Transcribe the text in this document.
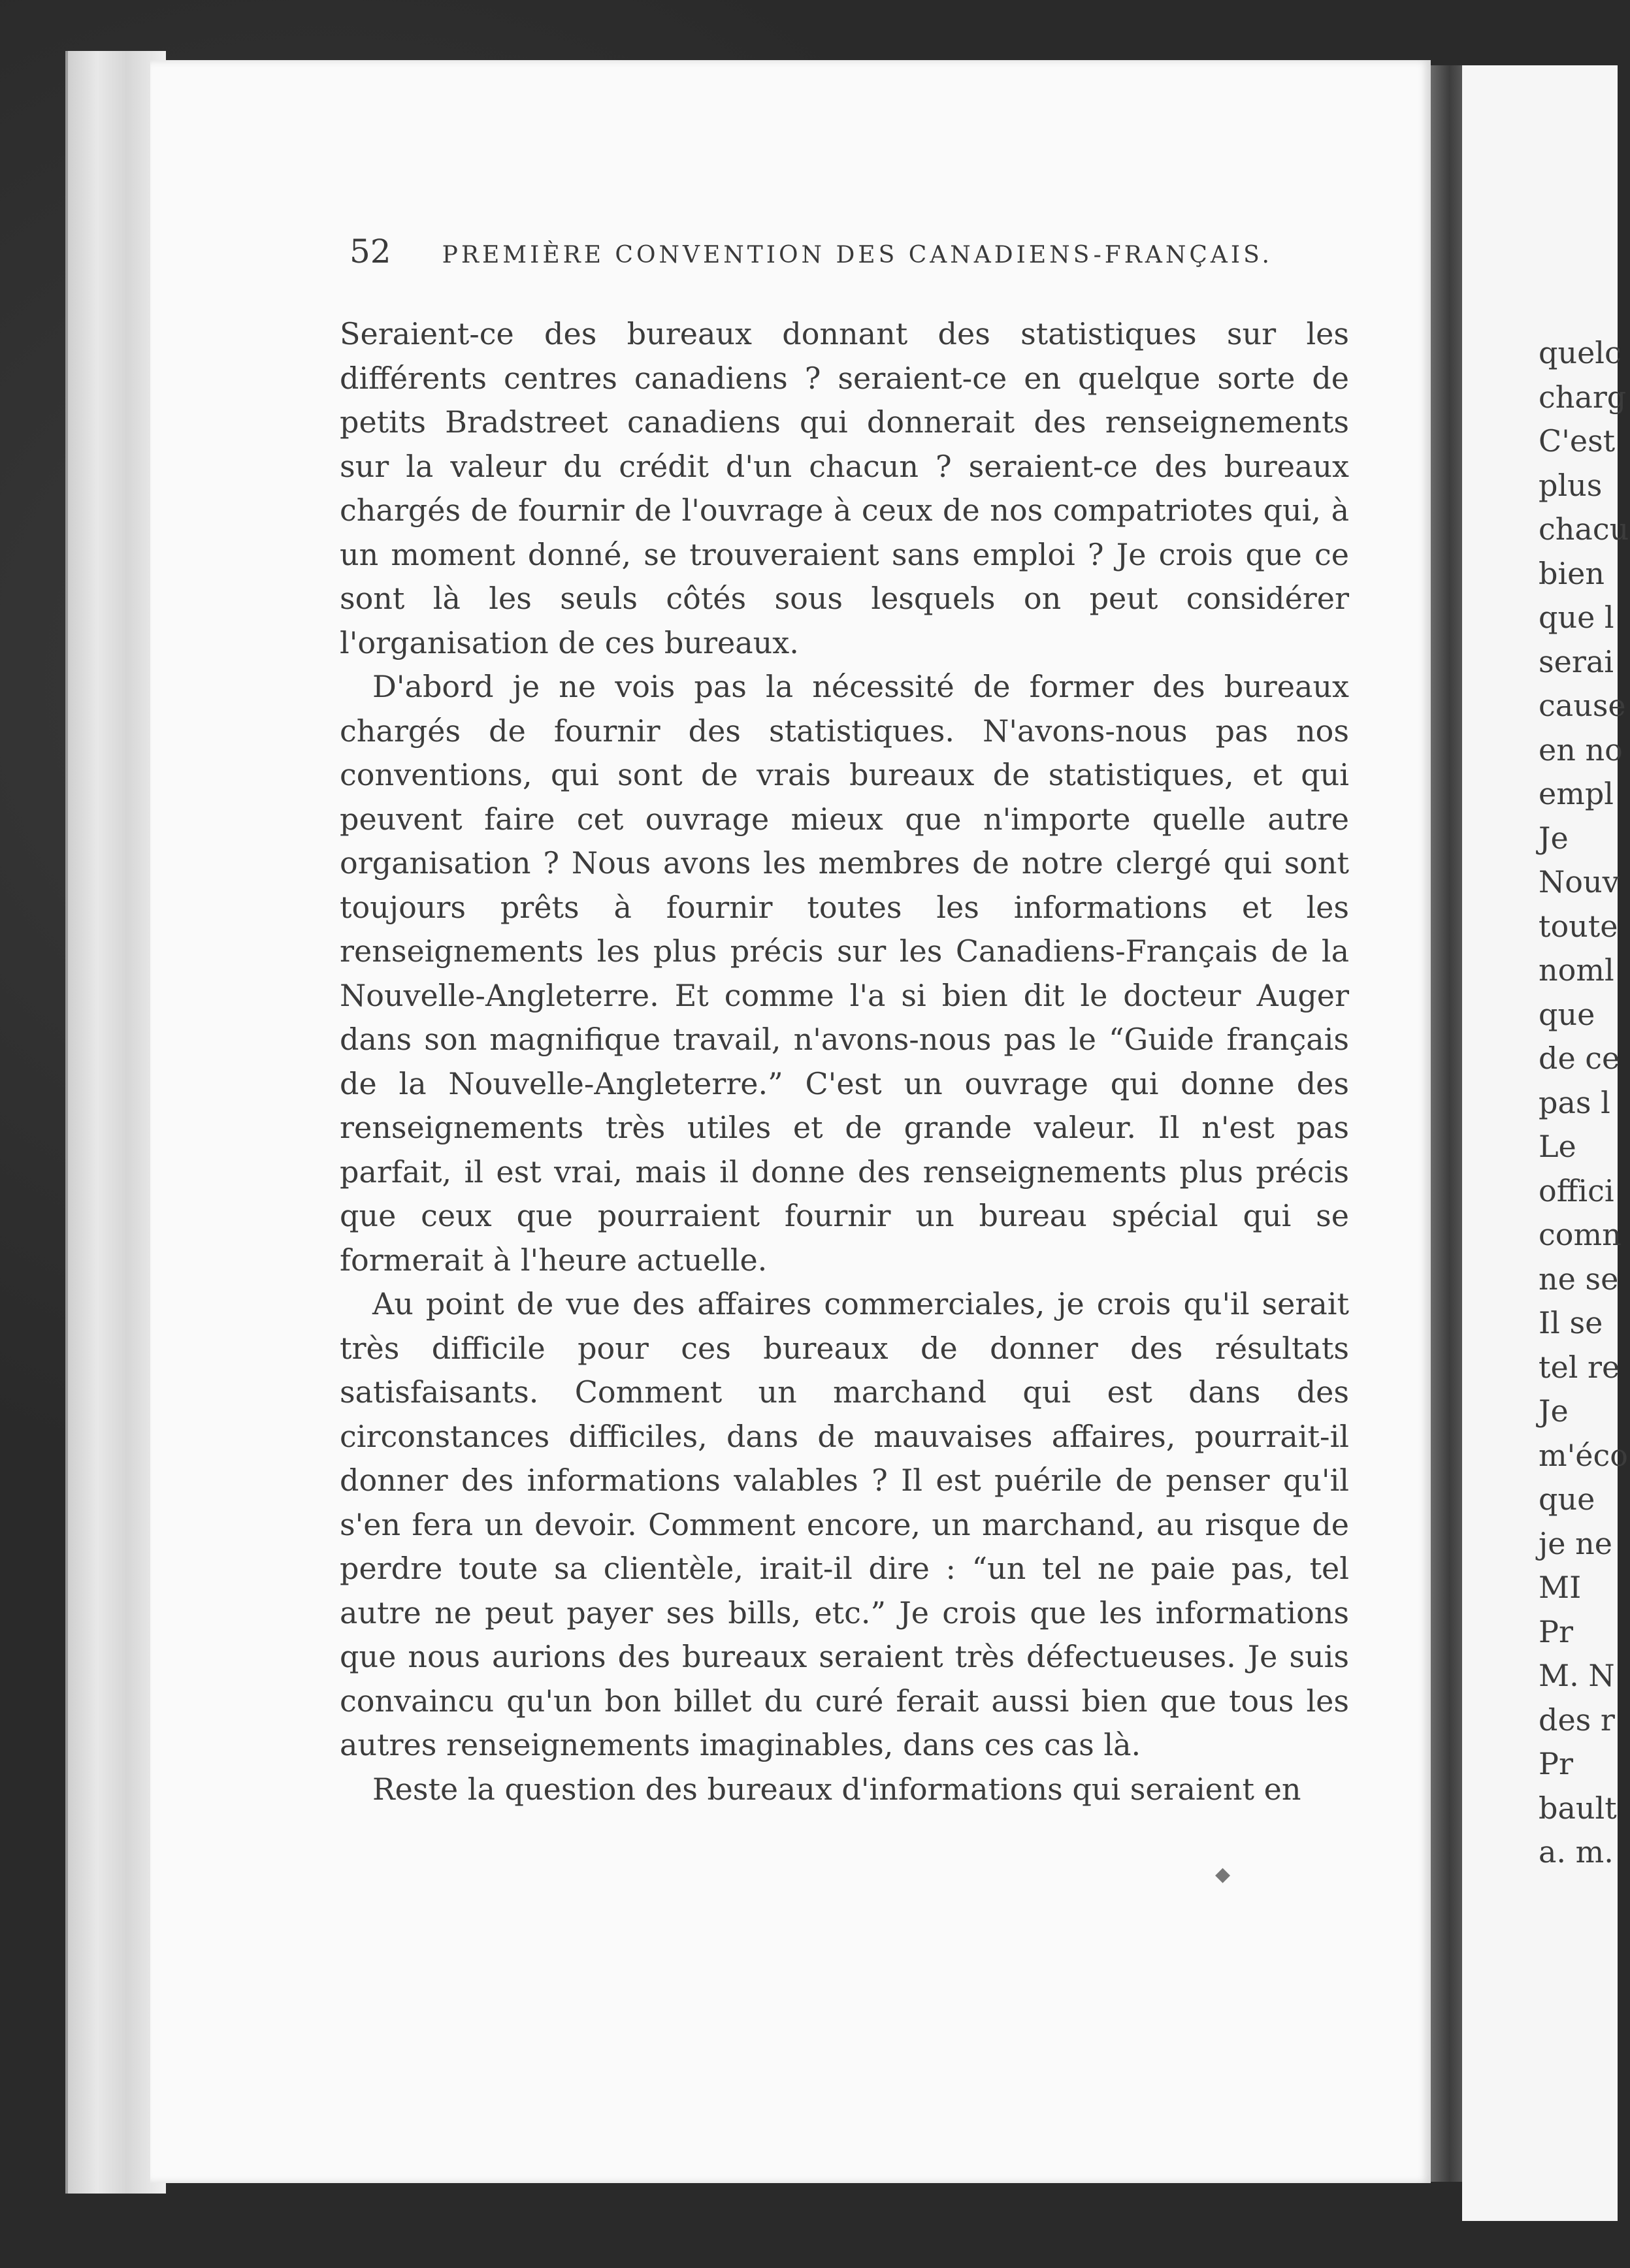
52 PREMIÈRE CONVENTION DES CANADIENS-FRANÇAIS.

Seraient-ce des bureaux donnant des statistiques sur les différents centres canadiens ? seraient-ce en quelque sorte de petits Bradstreet canadiens qui donnerait des renseignements sur la valeur du crédit d'un chacun ? seraient-ce des bureaux chargés de fournir de l'ouvrage à ceux de nos compatriotes qui, à un moment donné, se trouveraient sans emploi ? Je crois que ce sont là les seuls côtés sous lesquels on peut considérer l'organisation de ces bureaux.

D'abord je ne vois pas la nécessité de former des bureaux chargés de fournir des statistiques. N'avons-nous pas nos conventions, qui sont de vrais bureaux de statistiques, et qui peuvent faire cet ouvrage mieux que n'importe quelle autre organisation ? Nous avons les membres de notre clergé qui sont toujours prêts à fournir toutes les informations et les renseignements les plus précis sur les Canadiens-Français de la Nouvelle-Angleterre. Et comme l'a si bien dit le docteur Auger dans son magnifique travail, n'avons-nous pas le “Guide français de la Nouvelle-Angleterre.” C'est un ouvrage qui donne des renseignements très utiles et de grande valeur. Il n'est pas parfait, il est vrai, mais il donne des renseignements plus précis que ceux que pourraient fournir un bureau spécial qui se formerait à l'heure actuelle.

Au point de vue des affaires commerciales, je crois qu'il serait très difficile pour ces bureaux de donner des résultats satisfaisants. Comment un marchand qui est dans des circonstances difficiles, dans de mauvaises affaires, pourrait-il donner des informations valables ? Il est puérile de penser qu'il s'en fera un devoir. Comment encore, un marchand, au risque de perdre toute sa clientèle, irait-il dire : “un tel ne paie pas, tel autre ne peut payer ses bills, etc.” Je crois que les informations que nous aurions des bureaux seraient très défectueuses. Je suis convaincu qu'un bon billet du curé ferait aussi bien que tous les autres renseignements imaginables, dans ces cas là.

Reste la question des bureaux d'informations qui seraient en

◆
quelc
charg
C'est
plus
chacu
bien
que l
serai
cause
en no
empl
Je
Nouv
toute
noml
que
de ce
pas l
Le
offici
comn
ne se
Il se
tel re
Je
m'éco
que
je ne
MI
Pr
M. N
des r
Pr
bault
a. m.
